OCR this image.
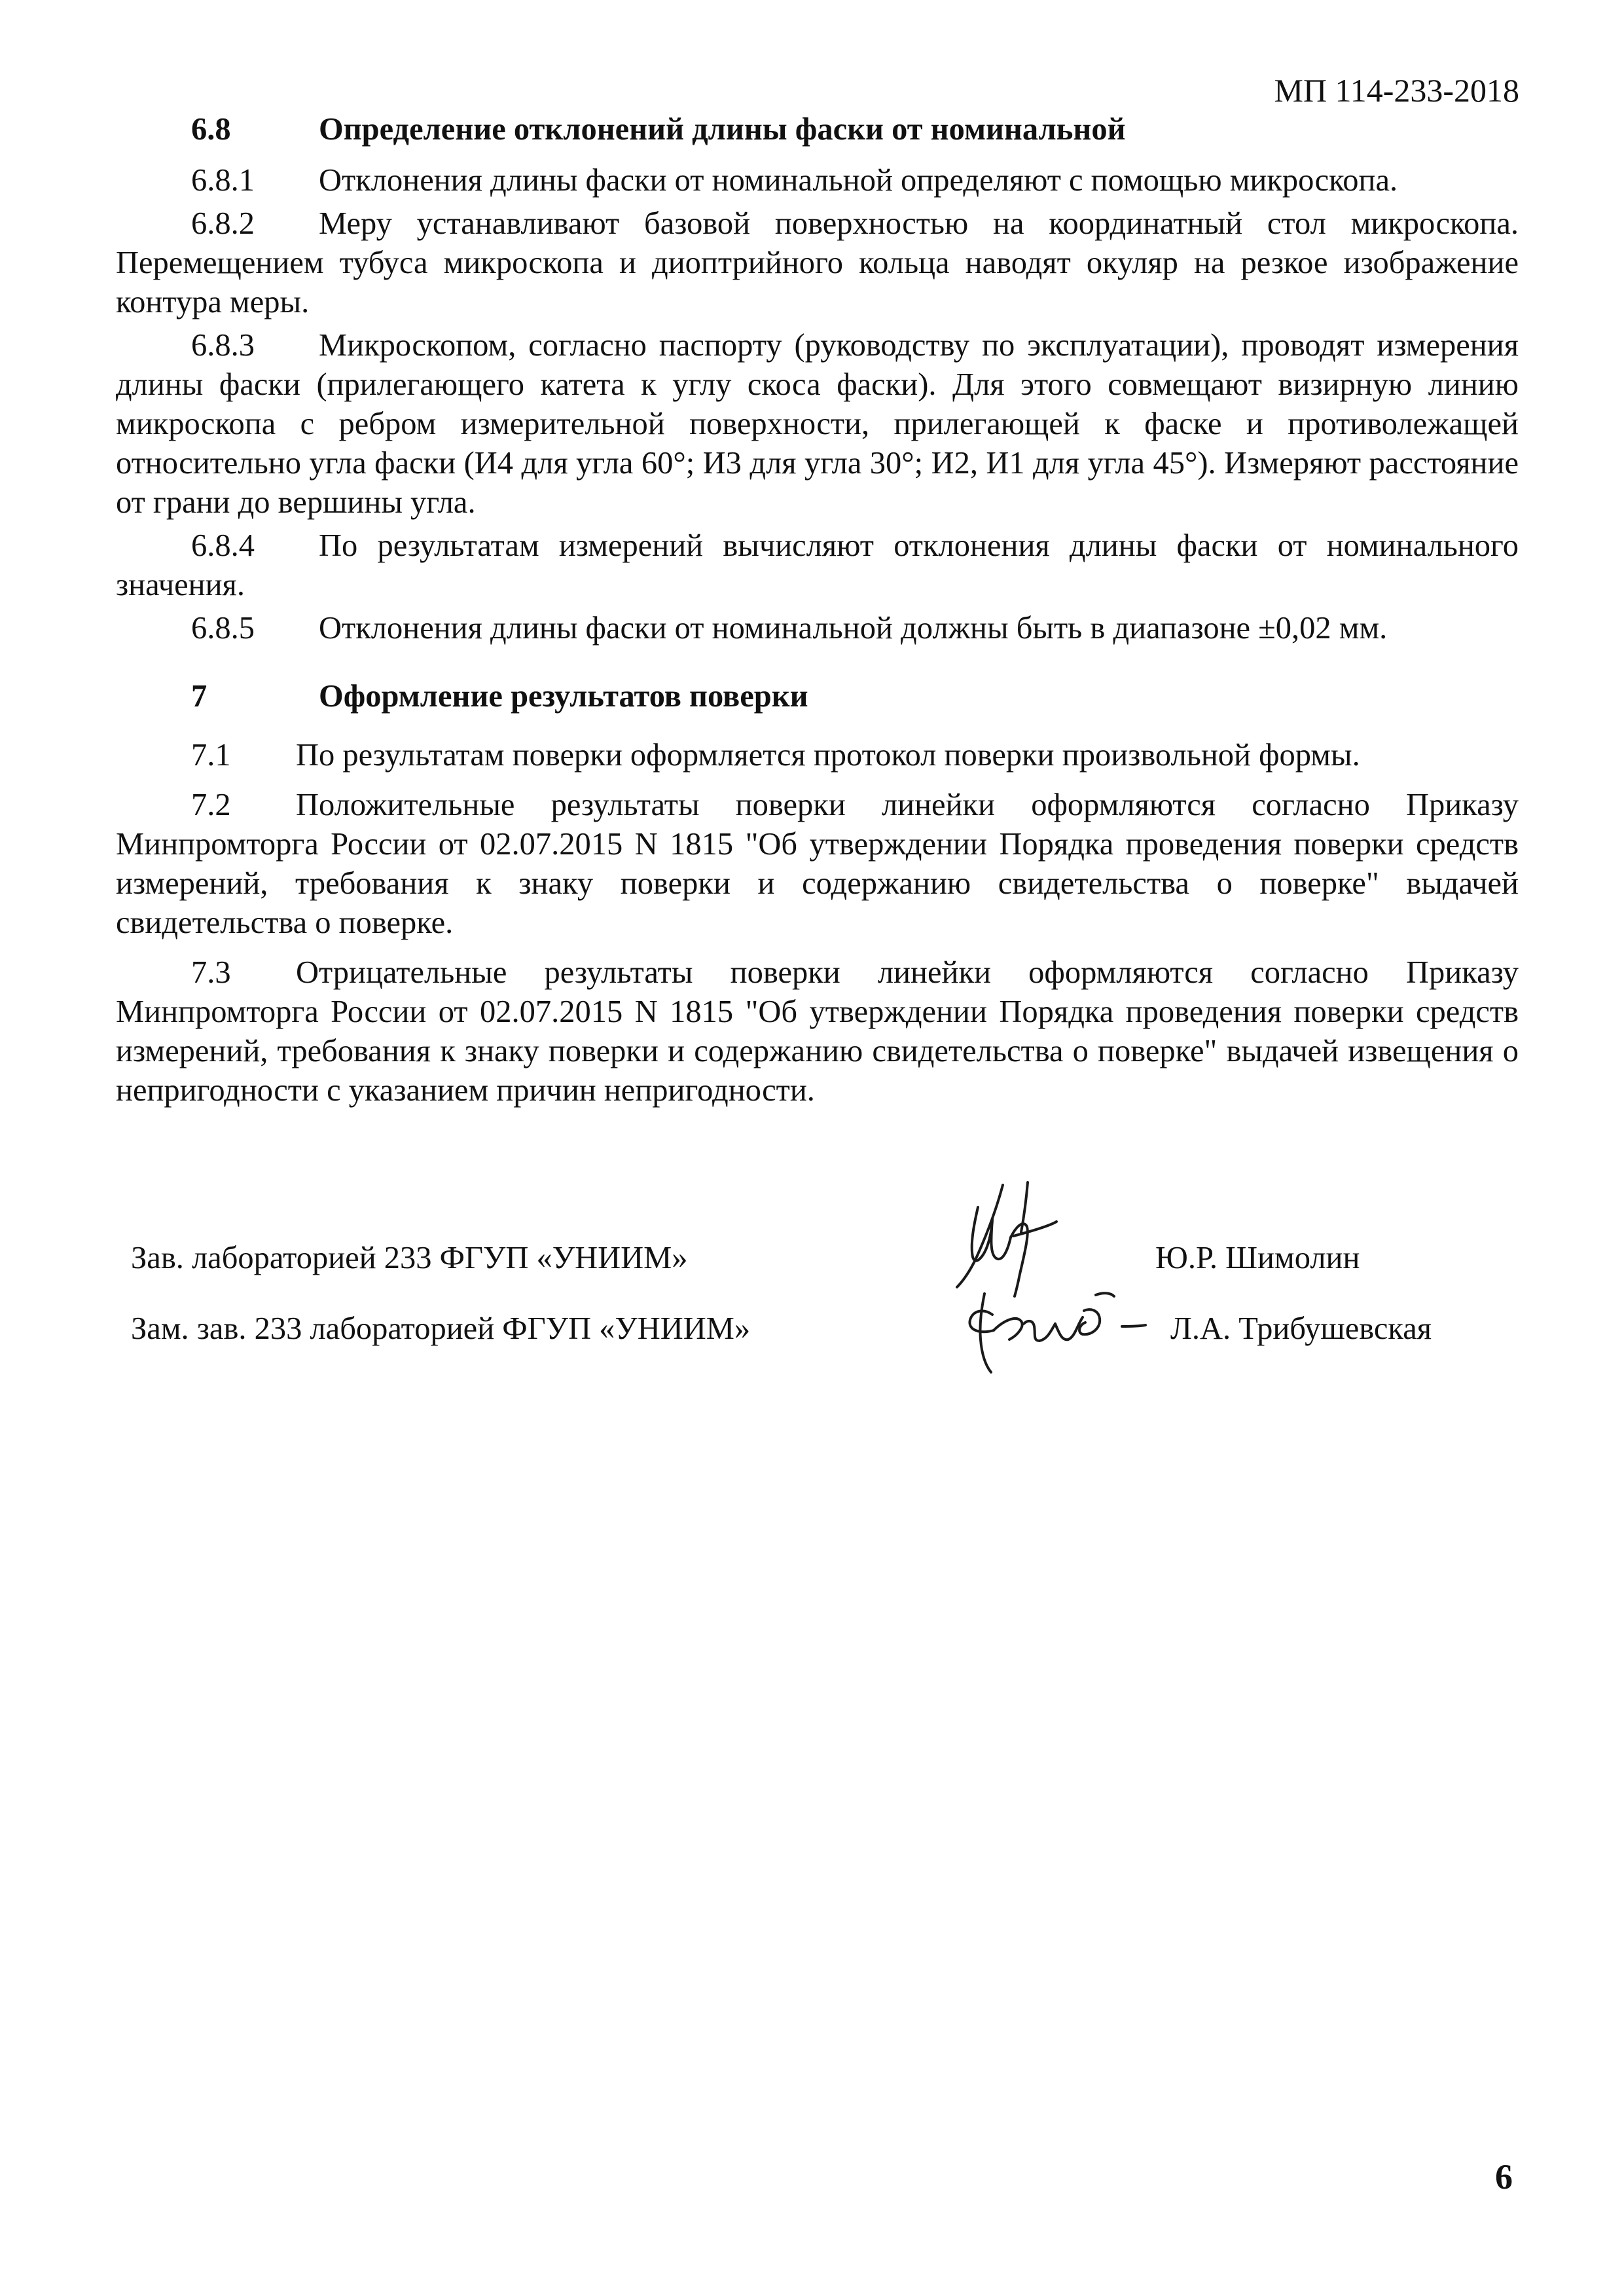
МП 114-233-2018
6.8	Определение отклонений длины фаски от номинальной

6.8.1 Отклонения длины фаски от номинальной определяют с помощью микроскопа.

6.8.2 Меру устанавливают базовой поверхностью на координатный стол микроскопа. Перемещением тубуса микроскопа и диоптрийного кольца наводят окуляр на резкое изображение контура меры.

6.8.3 Микроскопом, согласно паспорту (руководству по эксплуатации), проводят измерения длины фаски (прилегающего катета к углу скоса фаски). Для этого совмещают визирную линию микроскопа с ребром измерительной поверхности, прилегающей к фаске и противолежащей относительно угла фаски (И4 для угла 60°; И3 для угла 30°; И2, И1 для угла 45°). Измеряют расстояние от грани до вершины угла.

6.8.4 По результатам измерений вычисляют отклонения длины фаски от номинального значения.

6.8.5 Отклонения длины фаски от номинальной должны быть в диапазоне ±0,02 мм.

7	Оформление результатов поверки

7.1 По результатам поверки оформляется протокол поверки произвольной формы.

7.2 Положительные результаты поверки линейки оформляются согласно Приказу Минпромторга России от 02.07.2015 N 1815 "Об утверждении Порядка проведения поверки средств измерений, требования к знаку поверки и содержанию свидетельства о поверке" выдачей свидетельства о поверке.

7.3 Отрицательные результаты поверки линейки оформляются согласно Приказу Минпромторга России от 02.07.2015 N 1815 "Об утверждении Порядка проведения поверки средств измерений, требования к знаку поверки и содержанию свидетельства о поверке" выдачей извещения о непригодности с указанием причин непригодности.

Зав. лабораторией 233 ФГУП «УНИИМ»	Ю.Р. Шимолин
Зам. зав. 233 лабораторией ФГУП «УНИИМ»	Л.А. Трибушевская
6
